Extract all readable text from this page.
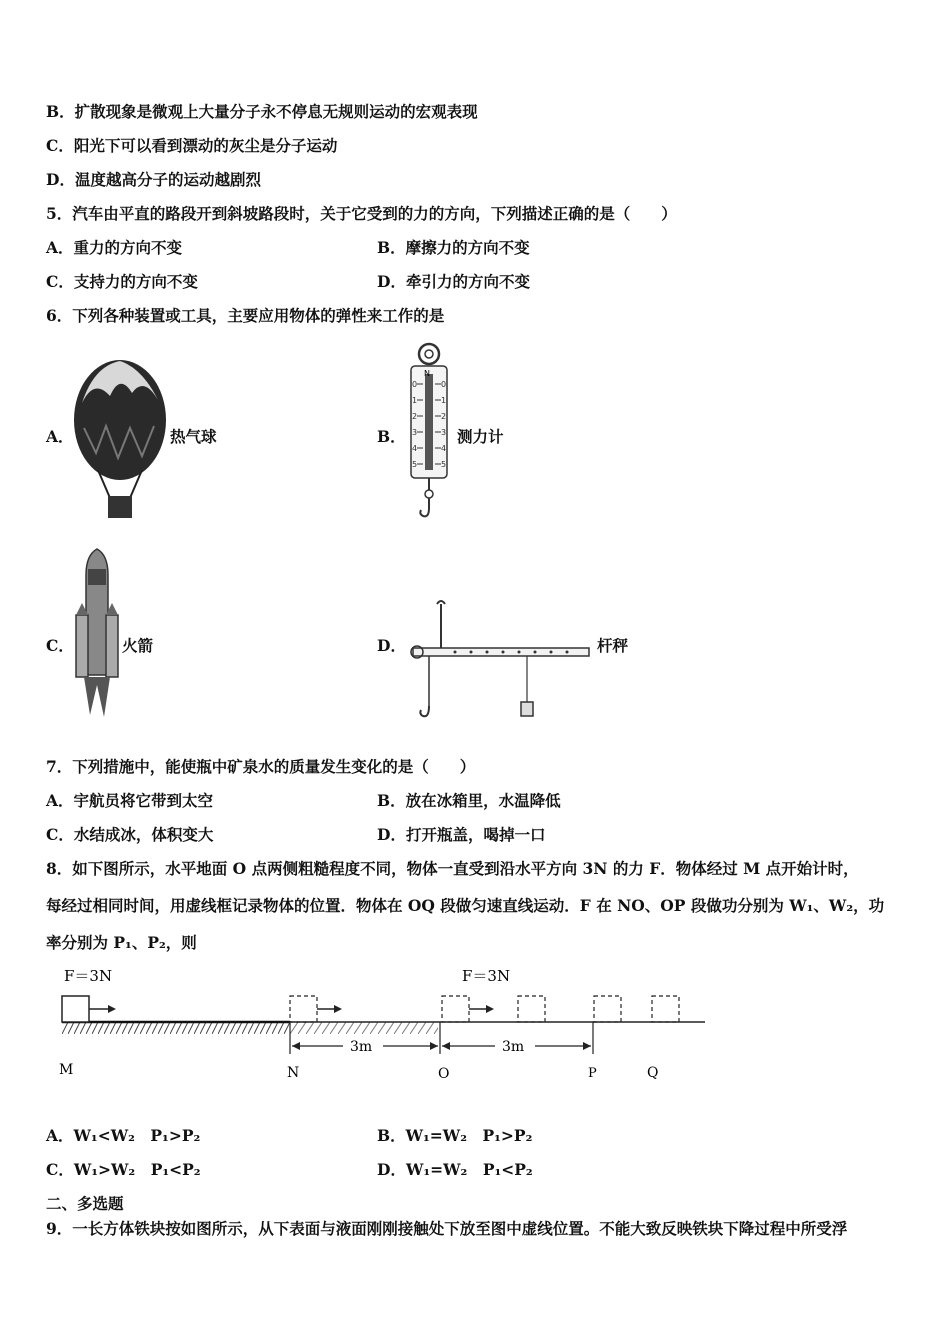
B．扩散现象是微观上大量分子永不停息无规则运动的宏观表现
C．阳光下可以看到漂动的灰尘是分子运动
D．温度越高分子的运动越剧烈
5．汽车由平直的路段开到斜坡路段时，关于它受到的力的方向，下列描述正确的是（　　）
A．重力的方向不变	B．摩擦力的方向不变
C．支持力的方向不变	D．牵引力的方向不变
6．下列各种装置或工具，主要应用物体的弹性来工作的是
A．	热气球	B．
N
0
1
2
3
4
5
0
1
2
3
4
5
测力计
C．	火箭	D．	杆秤
7．下列措施中，能使瓶中矿泉水的质量发生变化的是（　　）
A．宇航员将它带到太空	B．放在冰箱里，水温降低
C．水结成冰，体积变大	D．打开瓶盖，喝掉一口
8．如下图所示，水平地面 O 点两侧粗糙程度不同，物体一直受到沿水平方向 3N 的力 F．物体经过 M 点开始计时，
每经过相同时间，用虚线框记录物体的位置．物体在 OQ 段做匀速直线运动．F 在 NO、OP 段做功分别为 W₁、W₂，功
率分别为 P₁、P₂，则
F＝3N	F＝3N
3m	3m
M	N	O	P	Q
A．W₁<W₂　P₁>P₂	B．W₁=W₂　P₁>P₂
C．W₁>W₂　P₁<P₂	D．W₁=W₂　P₁<P₂
二、多选题
9．一长方体铁块按如图所示，从下表面与液面刚刚接触处下放至图中虚线位置。不能大致反映铁块下降过程中所受浮
